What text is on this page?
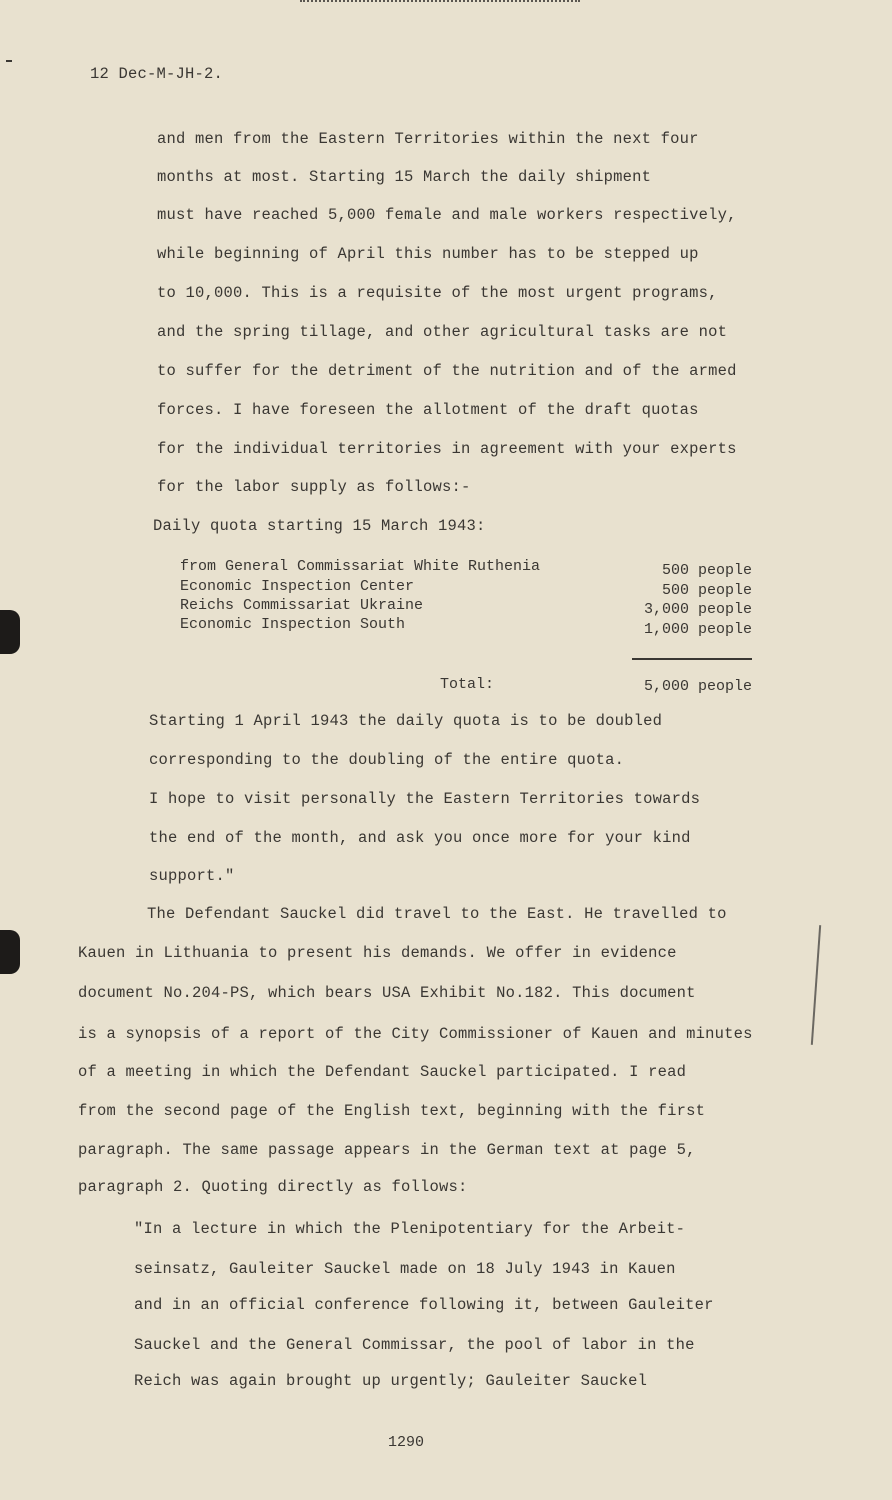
12 Dec-M-JH-2.
and men from the Eastern Territories within the next four
months at most. Starting 15 March the daily shipment
must have reached 5,000 female and male workers respectively,
while beginning of April this number has to be stepped up
to 10,000. This is a requisite of the most urgent programs,
and the spring tillage, and other agricultural tasks are not
to suffer for the detriment of the nutrition and of the armed
forces. I have foreseen the allotment of the draft quotas
for the individual territories in agreement with your experts
for the labor supply as follows:-
Daily quota starting 15 March 1943:
from General Commissariat White Ruthenia	500 people
Economic Inspection Center	500 people
Reichs Commissariat Ukraine	3,000 people
Economic Inspection South	1,000 people
Total:	5,000 people
Starting 1 April 1943 the daily quota is to be doubled
corresponding to the doubling of the entire quota.
I hope to visit personally the Eastern Territories towards
the end of the month, and ask you once more for your kind
support."
The Defendant Sauckel did travel to the East. He travelled to
Kauen in Lithuania to present his demands. We offer in evidence
document No.204-PS, which bears USA Exhibit No.182. This document
is a synopsis of a report of the City Commissioner of Kauen and minutes
of a meeting in which the Defendant Sauckel participated. I read
from the second page of the English text, beginning with the first
paragraph. The same passage appears in the German text at page 5,
paragraph 2. Quoting directly as follows:
"In a lecture in which the Plenipotentiary for the Arbeit-
seinsatz, Gauleiter Sauckel made on 18 July 1943 in Kauen
and in an official conference following it, between Gauleiter
Sauckel and the General Commissar, the pool of labor in the
Reich was again brought up urgently; Gauleiter Sauckel
1290
